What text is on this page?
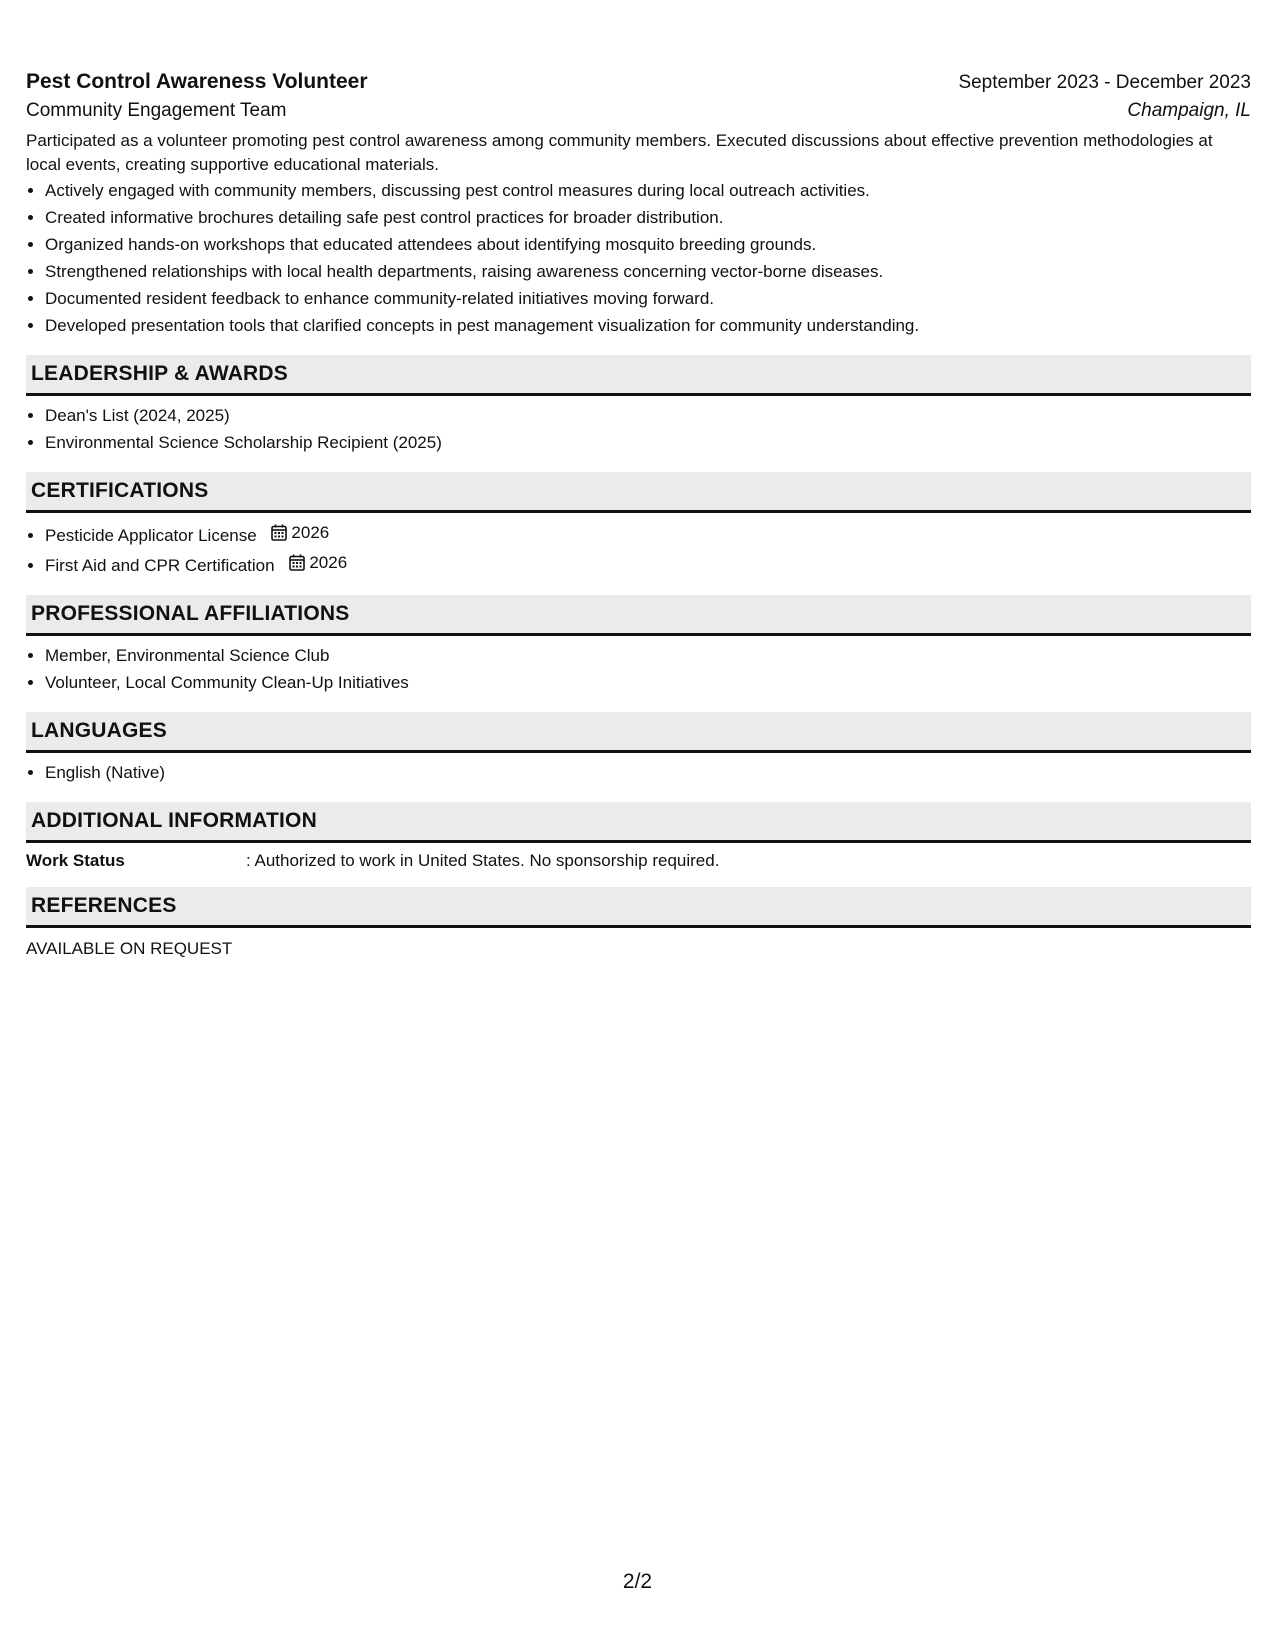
Pest Control Awareness Volunteer	September 2023 - December 2023
Community Engagement Team	Champaign, IL
Participated as a volunteer promoting pest control awareness among community members. Executed discussions about effective prevention methodologies at local events, creating supportive educational materials.
• Actively engaged with community members, discussing pest control measures during local outreach activities.
• Created informative brochures detailing safe pest control practices for broader distribution.
• Organized hands-on workshops that educated attendees about identifying mosquito breeding grounds.
• Strengthened relationships with local health departments, raising awareness concerning vector-borne diseases.
• Documented resident feedback to enhance community-related initiatives moving forward.
• Developed presentation tools that clarified concepts in pest management visualization for community understanding.
LEADERSHIP & AWARDS
• Dean's List (2024, 2025)
• Environmental Science Scholarship Recipient (2025)
CERTIFICATIONS
• Pesticide Applicator License 2026
• First Aid and CPR Certification 2026
PROFESSIONAL AFFILIATIONS
• Member, Environmental Science Club
• Volunteer, Local Community Clean-Up Initiatives
LANGUAGES
• English (Native)
ADDITIONAL INFORMATION
Work Status	: Authorized to work in United States. No sponsorship required.
REFERENCES
AVAILABLE ON REQUEST
2/2
